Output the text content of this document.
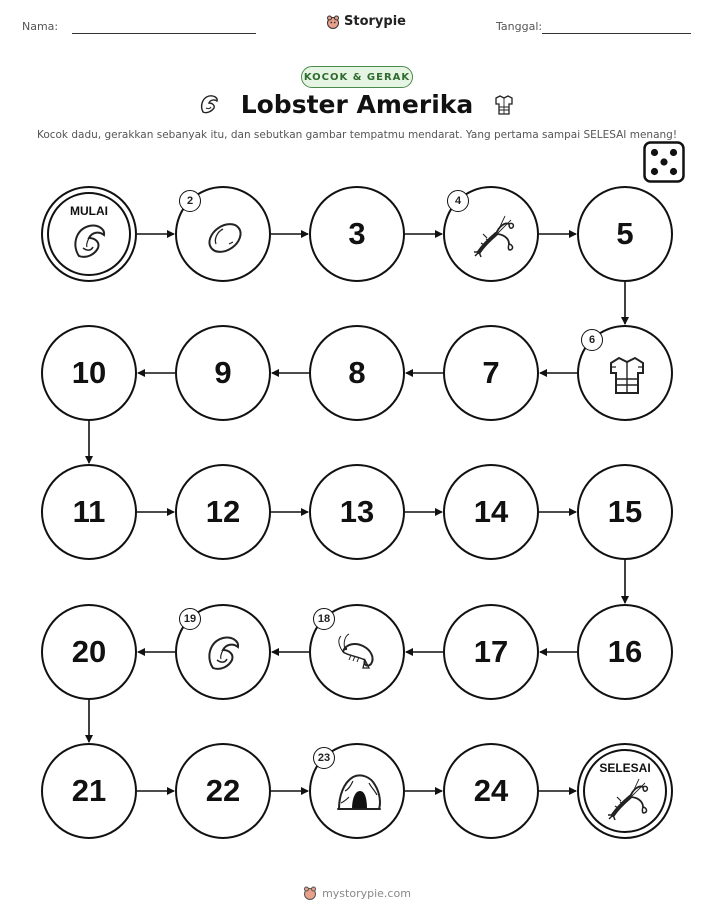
Nama:	Storypie	Tanggal:
KOCOK & GERAK
Lobster Amerika
Kocok dadu, gerakkan sebanyak itu, dan sebutkan gambar tempatmu mendarat. Yang pertama sampai SELESAI menang!
MULAI
2
3
4
5
6
7
8
9
10
11	12	13	14	15
16
17
18
19
20
21	22
23
24
SELESAI
mystorypie.com
